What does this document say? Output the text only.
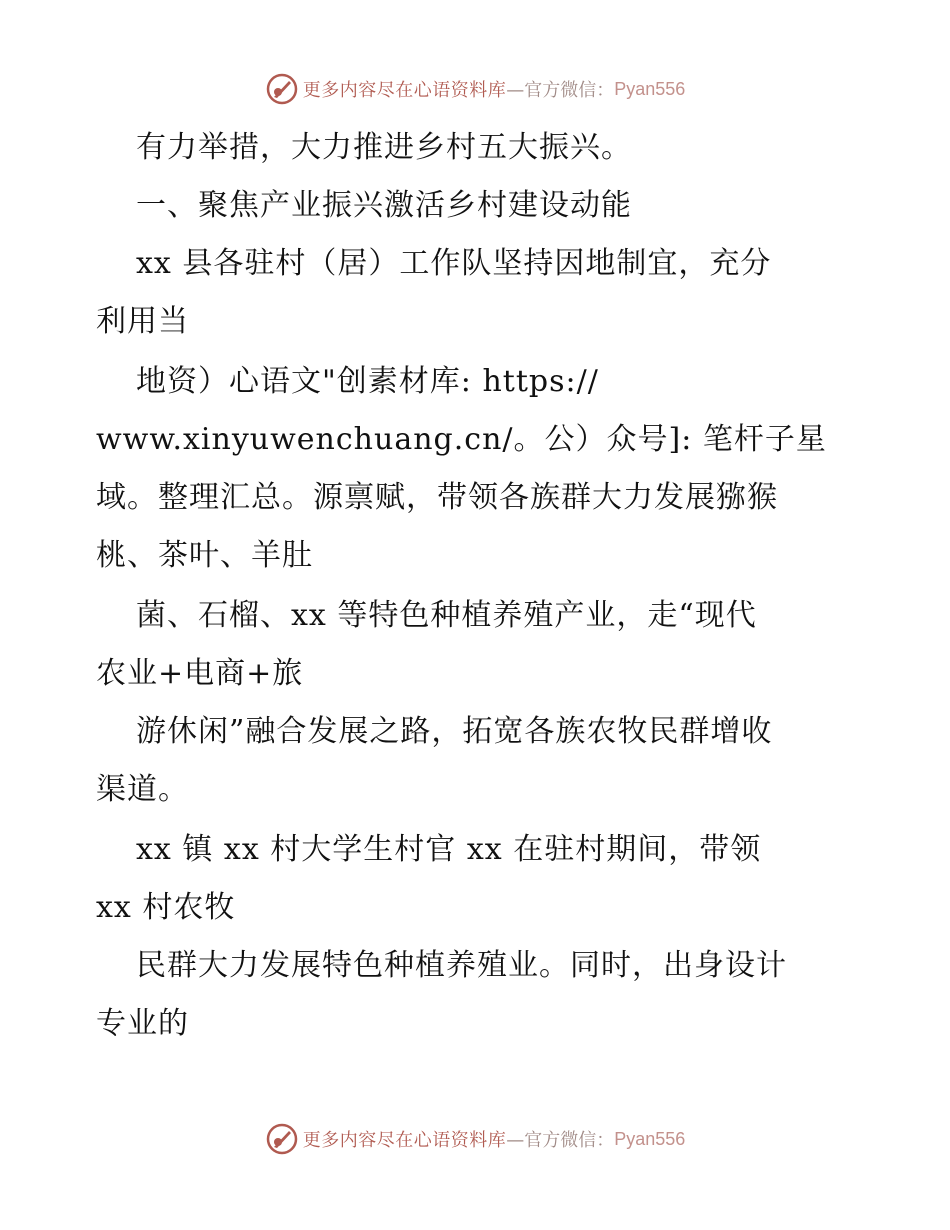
更多内容尽在心语资料库 —官方微信： Pyan556
有力举措，大力推进乡村五大振兴。
一、聚焦产业振兴激活乡村建设动能
xx 县各驻村（居）工作队坚持因地制宜，充分
利用当
地资）心语文"创素材库: https://
www.xinyuwenchuang.cn/。公）众号]: 笔杆子星
域。整理汇总。源禀赋，带领各族群大力发展猕猴
桃、茶叶、羊肚
菌、石榴、xx 等特色种植养殖产业，走“现代
农业+电商+旅
游休闲”融合发展之路，拓宽各族农牧民群增收
渠道。
xx 镇 xx 村大学生村官 xx 在驻村期间，带领
xx 村农牧
民群大力发展特色种植养殖业。同时，出身设计
专业的
更多内容尽在心语资料库 —官方微信： Pyan556
